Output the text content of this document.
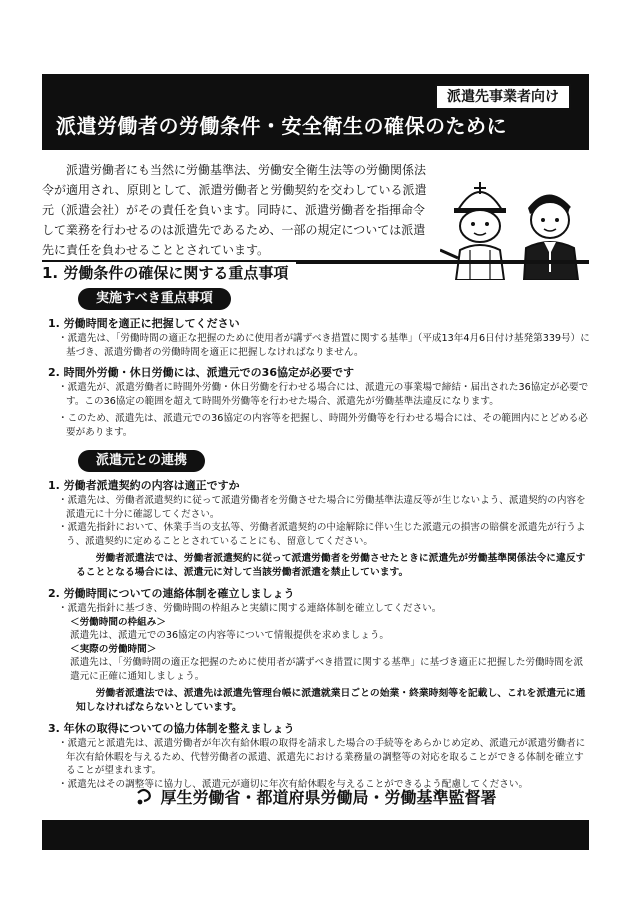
派遣先事業者向け
派遣労働者の労働条件・安全衛生の確保のために
派遣労働者にも当然に労働基準法、労働安全衛生法等の労働関係法令が適用され、原則として、派遣労働者と労働契約を交わしている派遣元（派遣会社）がその責任を負います。同時に、派遣労働者を指揮命令して業務を行わせるのは派遣先であるため、一部の規定については派遣先に責任を負わせることとされています。
1. 労働条件の確保に関する重点事項
実施すべき重点事項
1. 労働時間を適正に把握してください

・派遣先は、「労働時間の適正な把握のために使用者が講ずべき措置に関する基準」（平成13年4月6日付け基発第339号）に基づき、派遣労働者の労働時間を適正に把握しなければなりません。

2. 時間外労働・休日労働には、派遣元での36協定が必要です

・派遣先が、派遣労働者に時間外労働・休日労働を行わせる場合には、派遣元の事業場で締結・届出された36協定が必要です。この36協定の範囲を超えて時間外労働等を行わせた場合、派遣先が労働基準法違反になります。

・このため、派遣先は、派遣元での36協定の内容等を把握し、時間外労働等を行わせる場合には、その範囲内にとどめる必要があります。

派遣元との連携
1. 労働者派遣契約の内容は適正ですか

・派遣先は、労働者派遣契約に従って派遣労働者を労働させた場合に労働基準法違反等が生じないよう、派遣契約の内容を派遣元に十分に確認してください。

・派遣先指針において、休業手当の支払等、労働者派遣契約の中途解除に伴い生じた派遣元の損害の賠償を派遣先が行うよう、派遣契約に定めることとされていることにも、留意してください。

労働者派遣法では、労働者派遣契約に従って派遣労働者を労働させたときに派遣先が労働基準関係法令に違反することとなる場合には、派遣元に対して当該労働者派遣を禁止しています。

2. 労働時間についての連絡体制を確立しましょう

・派遣先指針に基づき、労働時間の枠組みと実績に関する連絡体制を確立してください。

＜労働時間の枠組み＞

派遣先は、派遣元での36協定の内容等について情報提供を求めましょう。

＜実際の労働時間＞

派遣先は、「労働時間の適正な把握のために使用者が講ずべき措置に関する基準」に基づき適正に把握した労働時間を派遣元に正確に通知しましょう。

労働者派遣法では、派遣先は派遣先管理台帳に派遣就業日ごとの始業・終業時刻等を記載し、これを派遣元に通知しなければならないとしています。

3. 年休の取得についての協力体制を整えましょう

・派遣元と派遣先は、派遣労働者が年次有給休暇の取得を請求した場合の手続等をあらかじめ定め、派遣元が派遣労働者に年次有給休暇を与えるため、代替労働者の派遣、派遣先における業務量の調整等の対応を取ることができる体制を確立することが望まれます。

・派遣先はその調整等に協力し、派遣元が適切に年次有給休暇を与えることができるよう配慮してください。

厚生労働省・都道府県労働局・労働基準監督署
